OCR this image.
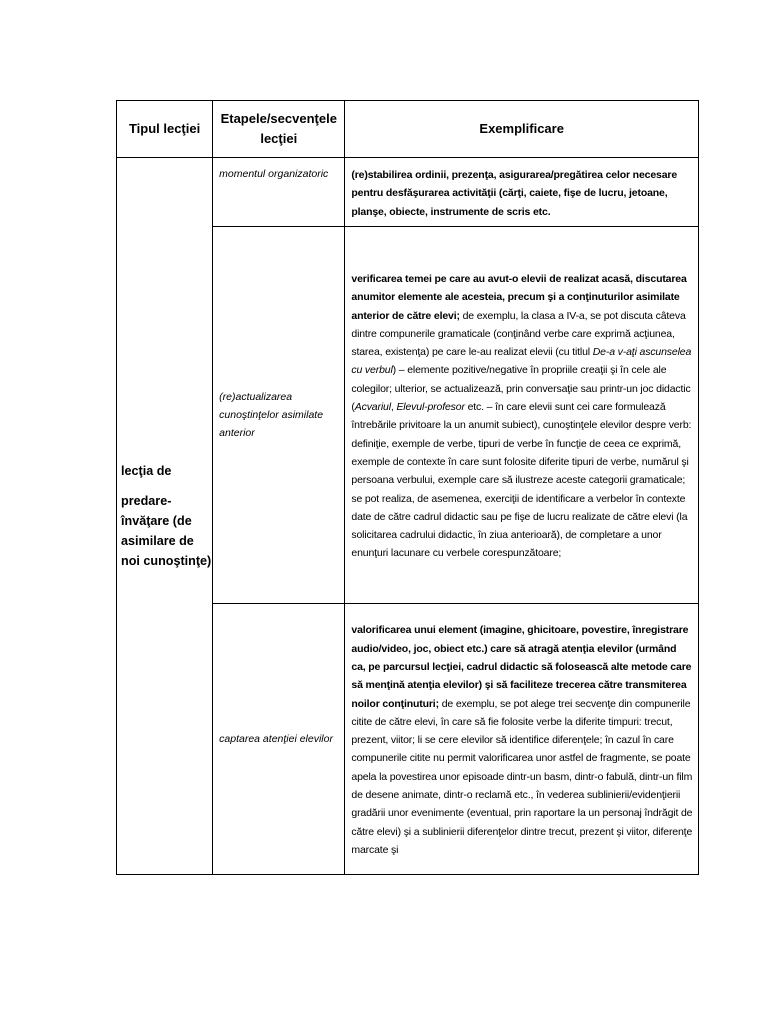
Tipul lecţiei	Etapele/secvenţele lecţiei	Exemplificare

lecţia de
predare-învăţare (de asimilare de noi cunoştinţe)	momentul organizatoric	(re)stabilirea ordinii, prezenţa, asigurarea/pregătirea celor necesare pentru desfăşurarea activităţii (cărţi, caiete, fişe de lucru, jetoane, planşe, obiecte, instrumente de scris etc.

	(re)actualizarea cunoştinţelor asimilate anterior	verificarea temei pe care au avut-o elevii de realizat acasă, discutarea anumitor elemente ale acesteia, precum şi a conţinuturilor asimilate anterior de către elevi; de exemplu, la clasa a IV-a, se pot discuta câteva dintre compunerile gramaticale (conţinând verbe care exprimă acţiunea, starea, existenţa) pe care le-au realizat elevii (cu titlul De-a v-aţi ascunselea cu verbul) – elemente pozitive/negative în propriile creaţii şi în cele ale colegilor; ulterior, se actualizează, prin conversaţie sau printr-un joc didactic (Acvariul, Elevul-profesor etc. – în care elevii sunt cei care formulează întrebările privitoare la un anumit subiect), cunoştinţele elevilor despre verb: definiţie, exemple de verbe, tipuri de verbe în funcţie de ceea ce exprimă, exemple de contexte în care sunt folosite diferite tipuri de verbe, numărul şi persoana verbului, exemple care să ilustreze aceste categorii gramaticale; se pot realiza, de asemenea, exerciţii de identificare a verbelor în contexte date de către cadrul didactic sau pe fişe de lucru realizate de către elevi (la solicitarea cadrului didactic, în ziua anterioară), de completare a unor enunţuri lacunare cu verbele corespunzătoare;

	captarea atenţiei elevilor	valorificarea unui element (imagine, ghicitoare, povestire, înregistrare audio/video, joc, obiect etc.) care să atragă atenţia elevilor (urmând ca, pe parcursul lecţiei, cadrul didactic să folosească alte metode care să menţină atenţia elevilor) şi să faciliteze trecerea către transmiterea noilor conţinuturi; de exemplu, se pot alege trei secvenţe din compunerile citite de către elevi, în care să fie folosite verbe la diferite timpuri: trecut, prezent, viitor; li se cere elevilor să identifice diferenţele; în cazul în care compunerile citite nu permit valorificarea unor astfel de fragmente, se poate apela la povestirea unor episoade dintr-un basm, dintr-o fabulă, dintr-un film de desene animate, dintr-o reclamă etc., în vederea sublinierii/evidenţierii gradării unor evenimente (eventual, prin raportare la un personaj îndrăgit de către elevi) şi a sublinierii diferenţelor dintre trecut, prezent şi viitor, diferenţe marcate şi
